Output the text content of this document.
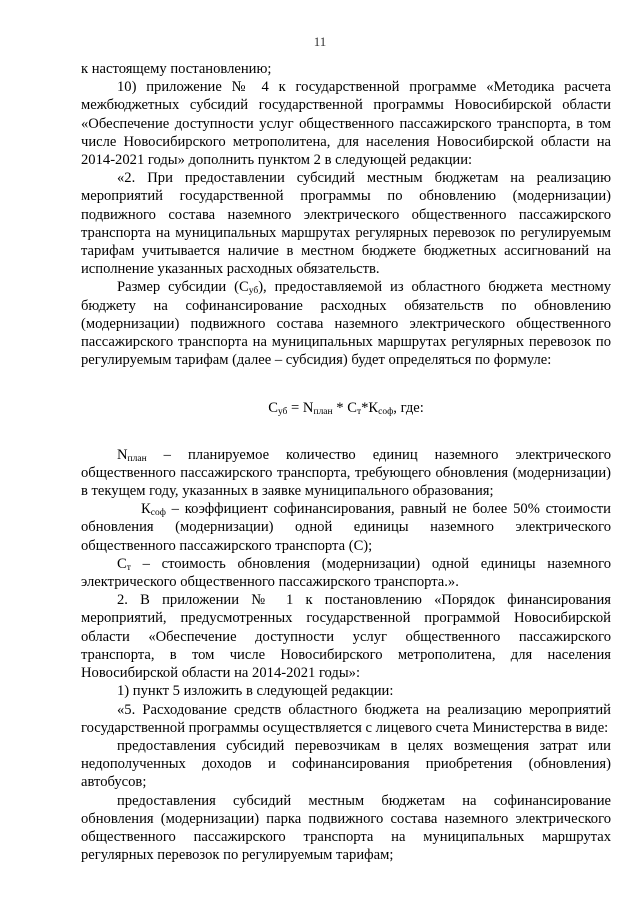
11

к настоящему постановлению;

10) приложение № 4 к государственной программе «Методика расчета межбюджетных субсидий государственной программы Новосибирской области «Обеспечение доступности услуг общественного пассажирского транспорта, в том числе Новосибирского метрополитена, для населения Новосибирской области на 2014-2021 годы» дополнить пунктом 2 в следующей редакции:

«2. При предоставлении субсидий местным бюджетам на реализацию мероприятий государственной программы по обновлению (модернизации) подвижного состава наземного электрического общественного пассажирского транспорта на муниципальных маршрутах регулярных перевозок по регулируемым тарифам учитывается наличие в местном бюджете бюджетных ассигнований на исполнение указанных расходных обязательств.

Размер субсидии $(С_{уб})$, предоставляемой из областного бюджета местному бюджету на софинансирование расходных обязательств по обновлению (модернизации) подвижного состава наземного электрического общественного пассажирского транспорта на муниципальных маршрутах регулярных перевозок по регулируемым тарифам (далее – субсидия) будет определяться по формуле:

$С_{уб} = N_{план} * С_т*К_{соф}$, где:

$N_{план}$ – планируемое количество единиц наземного электрического общественного пассажирского транспорта, требующего обновления (модернизации) в текущем году, указанных в заявке муниципального образования;

$К_{соф}$ – коэффициент софинансирования, равный не более 50% стоимости обновления (модернизации) одной единицы наземного электрического общественного пассажирского транспорта (С);

$С_т$ – стоимость обновления (модернизации) одной единицы наземного электрического общественного пассажирского транспорта.».

2. В приложении № 1 к постановлению «Порядок финансирования мероприятий, предусмотренных государственной программой Новосибирской области «Обеспечение доступности услуг общественного пассажирского транспорта, в том числе Новосибирского метрополитена, для населения Новосибирской области на 2014-2021 годы»:

1) пункт 5 изложить в следующей редакции:

«5. Расходование средств областного бюджета на реализацию мероприятий государственной программы осуществляется с лицевого счета Министерства в виде:

предоставления субсидий перевозчикам в целях возмещения затрат или недополученных доходов и софинансирования приобретения (обновления) автобусов;

предоставления субсидий местным бюджетам на софинансирование обновления (модернизации) парка подвижного состава наземного электрического общественного пассажирского транспорта на муниципальных маршрутах регулярных перевозок по регулируемым тарифам;
